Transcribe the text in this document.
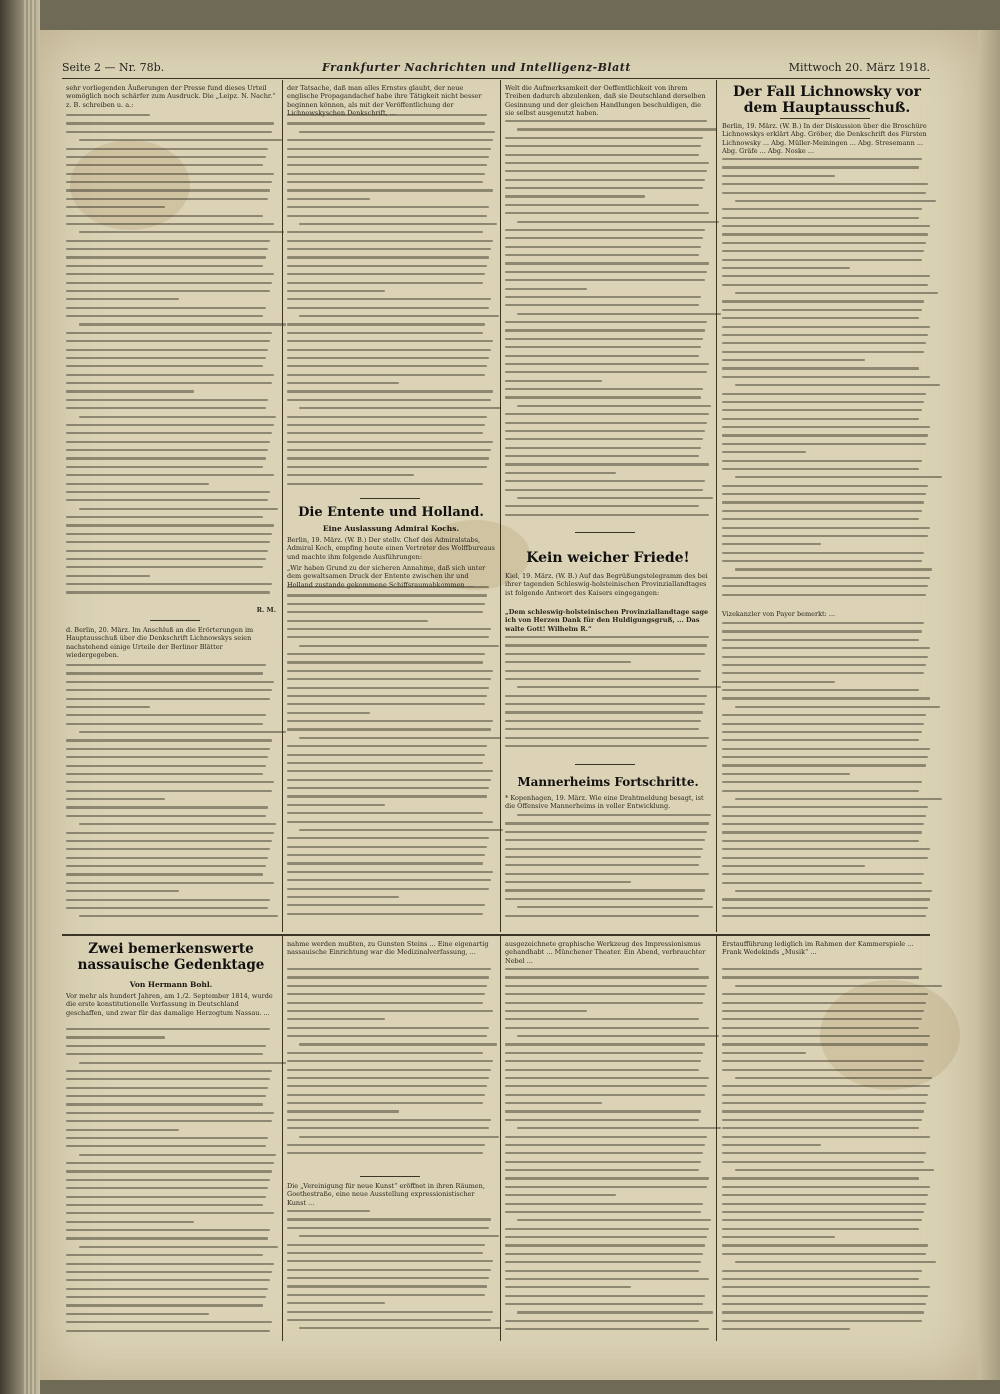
Seite 2 — Nr. 78b.	Frankfurter Nachrichten und Intelligenz-Blatt	Mittwoch 20. März 1918.
sehr vorliegenden Äußerungen der Presse fund dieses Urteil womöglich noch schärfer zum Ausdruck. Die „Leipz. N. Nachr.“ z. B. schreiben u. a.:
R. M.
d. Berlin, 20. März. Im Anschluß an die Erörterungen im Hauptausschuß über die Denkschrift Lichnowskys seien nachstehend einige Urteile der Berliner Blätter wiedergegeben.
der Tatsache, daß man alles Ernstes glaubt, der neue englische Propagandachef habe ihre Tätigkeit nicht besser beginnen können, als mit der Veröffentlichung der Lichnowskyschen Denkschrift, ...
Die Entente und Holland.
Eine Auslassung Admiral Kochs.
Berlin, 19. März. (W. B.) Der stellv. Chef des Admiralstabs, Admiral Koch, empfing heute einen Vertreter des Wolffbureaus und machte ihm folgende Ausführungen:
„Wir haben Grund zu der sicheren Annahme, daß sich unter dem gewaltsamen Druck der Entente zwischen ihr und Holland zustande gekommene Schiffsraumabkommen ...
Welt die Aufmerksamkeit der Oeffentlichkeit von ihrem Treiben dadurch abzulenken, daß sie Deutschland derselben Gesinnung und der gleichen Handlungen beschuldigen, die sie selbst ausgenutzt haben.
Kein weicher Friede!
Kiel, 19. März. (W. B.) Auf das Begrüßungstelegramm des bei ihrer tagenden Schleswig-holsteinischen Provinziallandtages ist folgende Antwort des Kaisers eingegangen:
„Dem schleswig-holsteinischen Provinziallandtage sage ich von Herzen Dank für den Huldigungsgruß, ... Das walte Gott! Wilhelm R.“
Mannerheims Fortschritte.
* Kopenhagen, 19. März. Wie eine Drahtmeldung besagt, ist die Offensive Mannerheims in voller Entwicklung.
Der Fall Lichnowsky vor dem Hauptausschuß.
Berlin, 19. März. (W. B.) In der Diskussion über die Broschüre Lichnowskys erklärt Abg. Gröber, die Denkschrift des Fürsten Lichnowsky ... Abg. Müller-Meiningen ... Abg. Stresemann ... Abg. Gräfe ... Abg. Noske ...
Vizekanzler von Payer bemerkt: ...
Zwei bemerkenswerte nassauische Gedenktage
Von Hermann Bohl.
Vor mehr als hundert Jahren, am 1./2. September 1814, wurde die erste konstitutionelle Verfassung in Deutschland geschaffen, und zwar für das damalige Herzogtum Nassau. ...
nahme werden mußten, zu Gunsten Steins ... Eine eigenartig nassauische Einrichtung war die Medizinalverfassung, ...
Die „Vereinigung für neue Kunst“ eröffnet in ihren Räumen, Goethestraße, eine neue Ausstellung expressionistischer Kunst ...
ausgezeichnete graphische Werkzeug des Impressionismus gehandhabt ... Münchener Theater. Ein Abend, verbrauchter Nebel ...
Erstaufführung lediglich im Rahmen der Kammerspiele ... Frank Wedekinds „Musik“ ...
